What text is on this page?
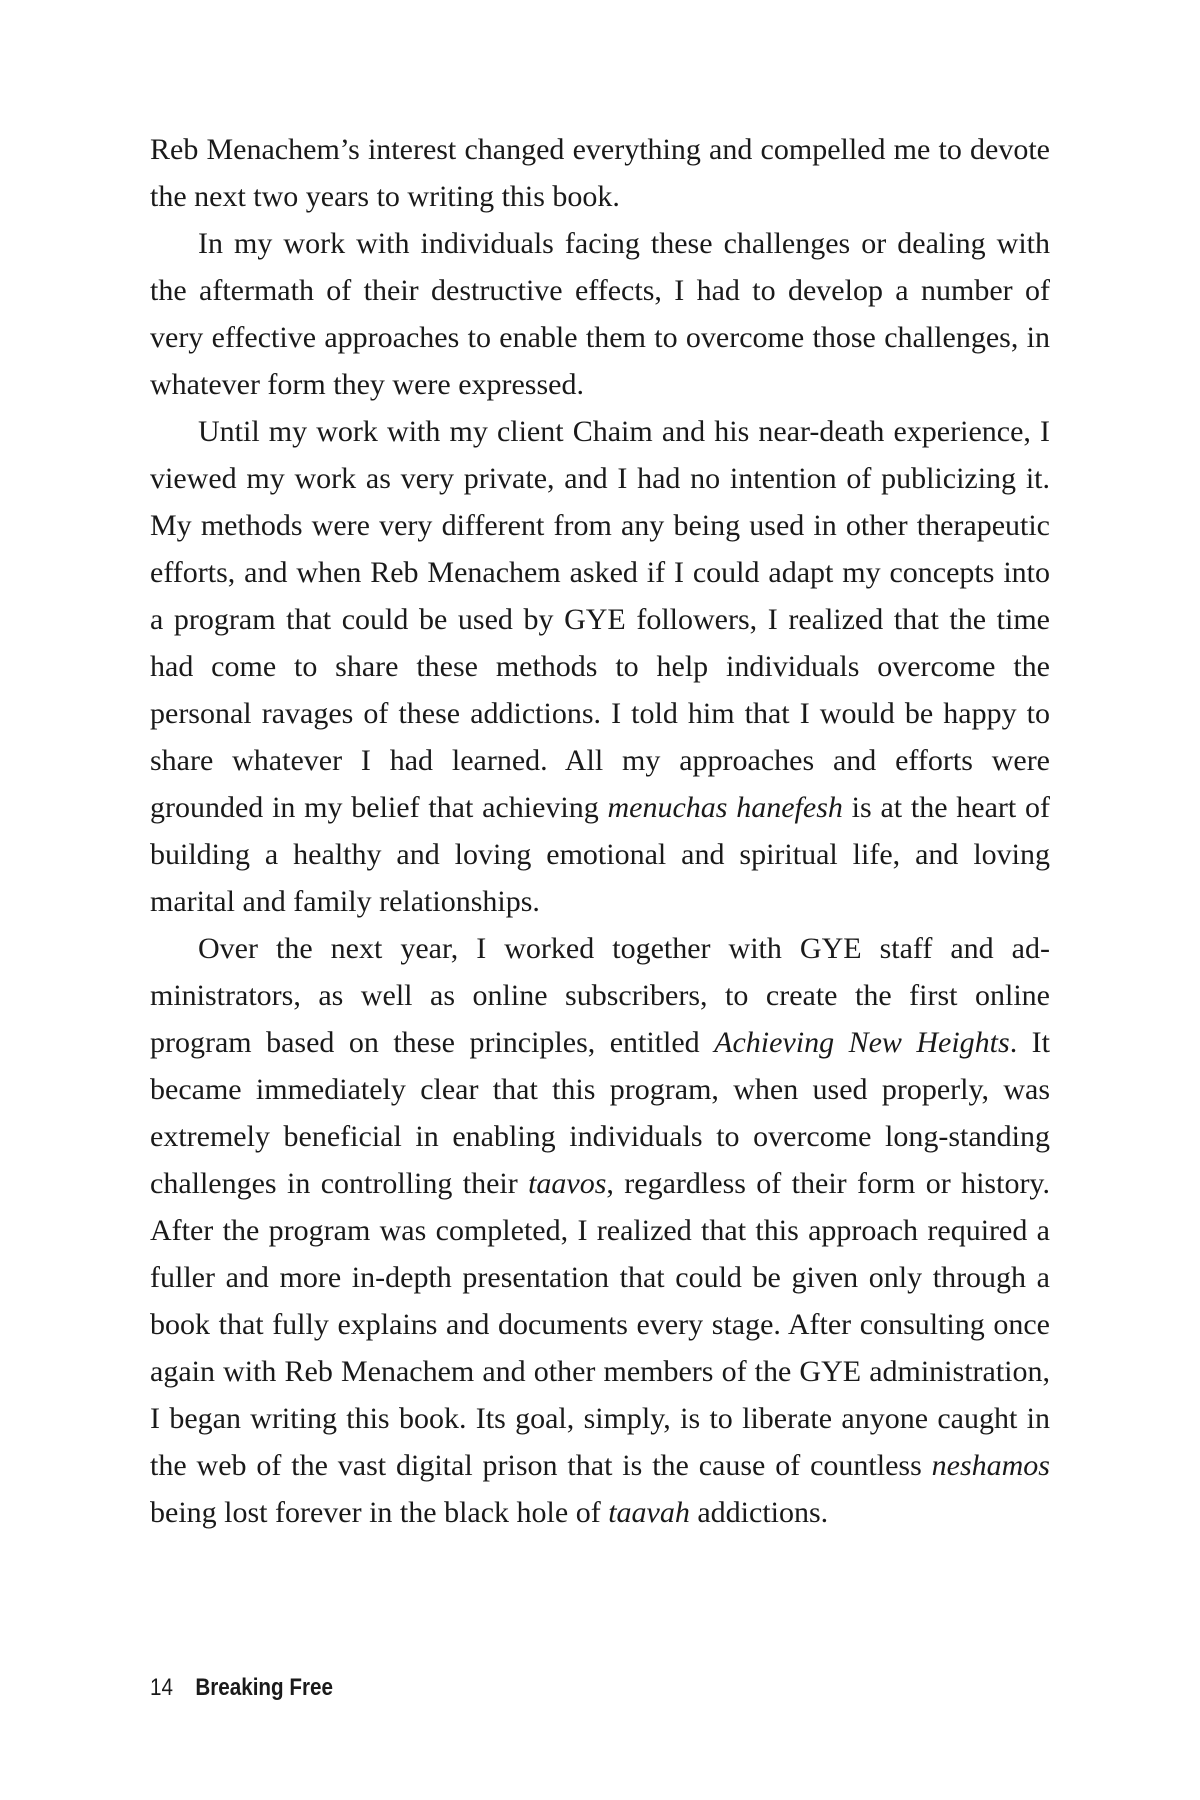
Reb Menachem’s interest changed everything and compelled me to devote the next two years to writing this book.

In my work with individuals facing these challenges or dealing with the aftermath of their destructive effects, I had to develop a number of very effective approaches to enable them to overcome those challenges, in whatever form they were expressed.

Until my work with my client Chaim and his near-death experience, I viewed my work as very private, and I had no intention of publicizing it. My methods were very different from any being used in other therapeutic efforts, and when Reb Menachem asked if I could adapt my concepts into a program that could be used by GYE followers, I realized that the time had come to share these methods to help individuals overcome the personal ravages of these addictions. I told him that I would be happy to share whatever I had learned. All my approaches and efforts were grounded in my belief that achieving menuchas hanefesh is at the heart of building a healthy and loving emotional and spiritual life, and loving marital and family relationships.

Over the next year, I worked together with GYE staff and administrators, as well as online subscribers, to create the first online program based on these principles, entitled Achieving New Heights. It became immediately clear that this program, when used properly, was extremely beneficial in enabling individuals to overcome long-standing challenges in controlling their taavos, regardless of their form or history. After the program was completed, I realized that this approach required a fuller and more in-depth presentation that could be given only through a book that fully explains and documents every stage. After consulting once again with Reb Menachem and other members of the GYE administration, I began writing this book. Its goal, simply, is to liberate anyone caught in the web of the vast digital prison that is the cause of countless neshamos being lost forever in the black hole of taavah addictions.

14 Breaking Free
